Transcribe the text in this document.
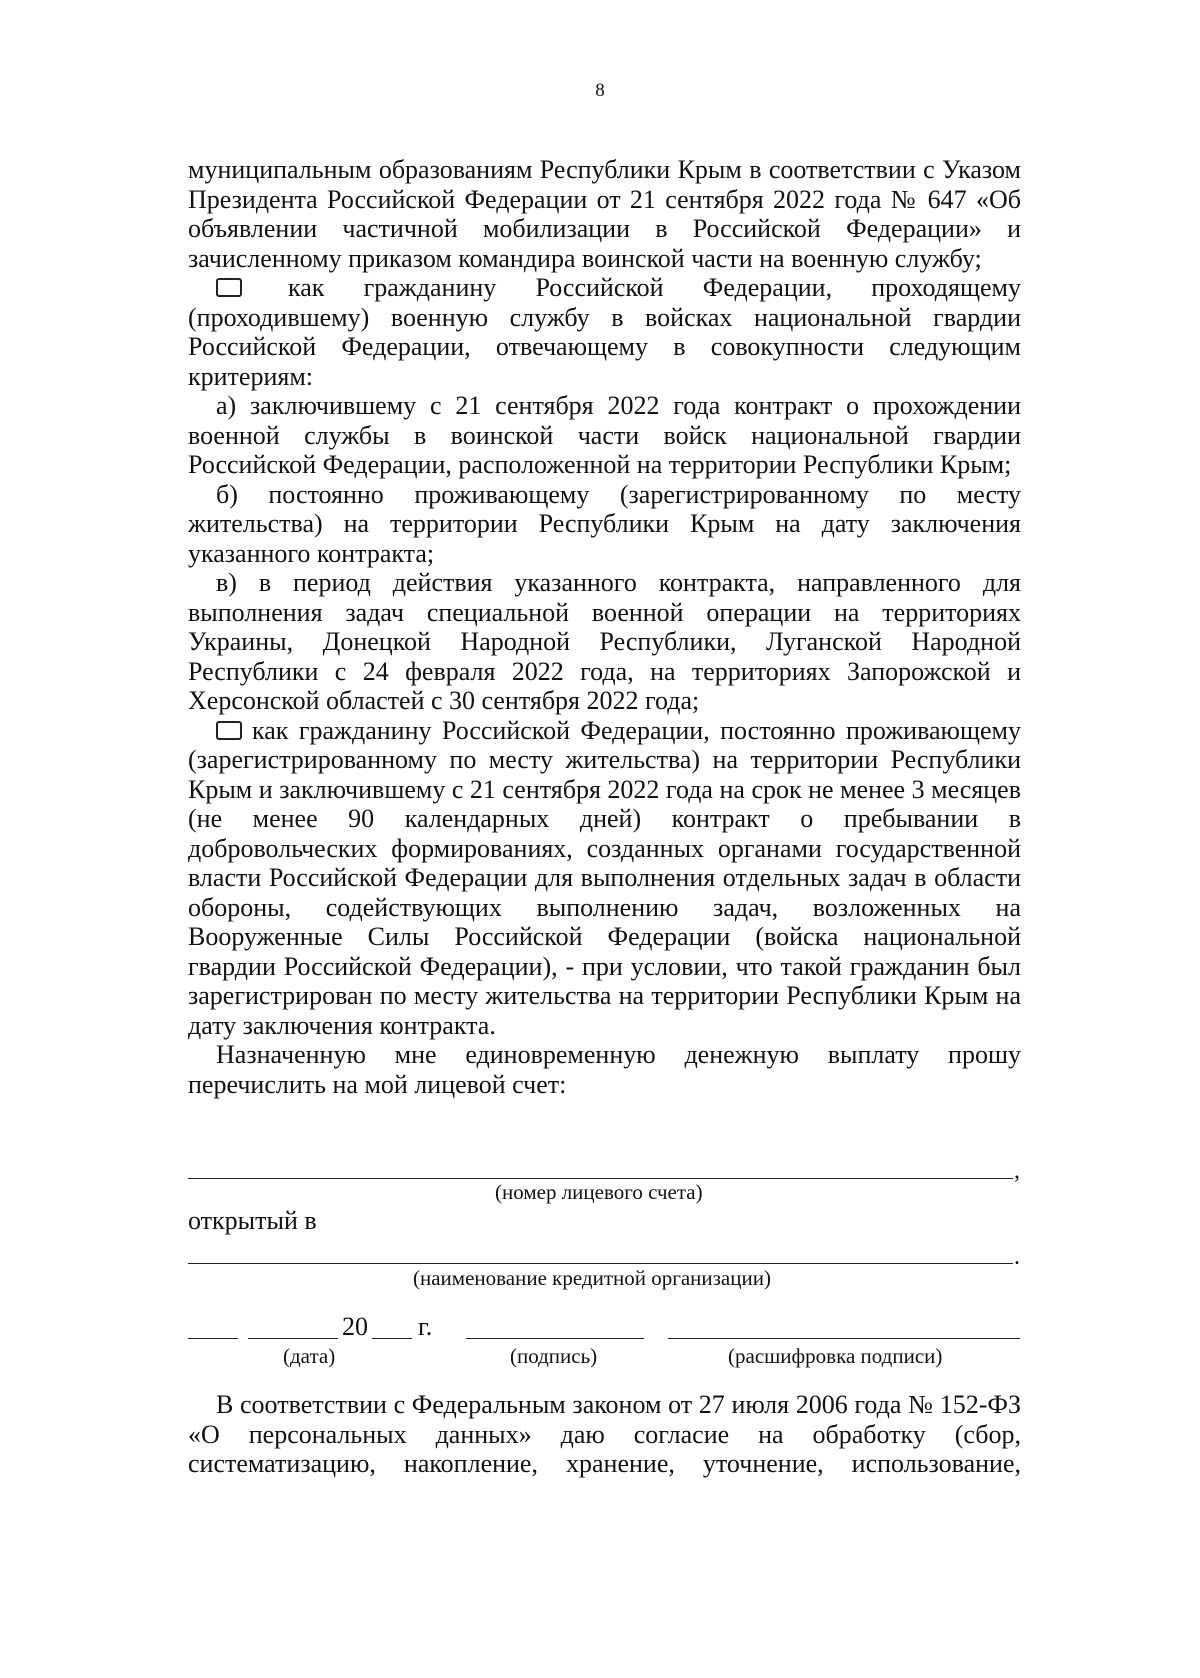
8

муниципальным образованиям Республики Крым в соответствии с Указом Президента Российской Федерации от 21 сентября 2022 года № 647 «Об объявлении частичной мобилизации в Российской Федерации» и зачисленному приказом командира воинской части на военную службу;

как гражданину Российской Федерации, проходящему (проходившему) военную службу в войсках национальной гвардии Российской Федерации, отвечающему в совокупности следующим критериям:

а) заключившему с 21 сентября 2022 года контракт о прохождении военной службы в воинской части войск национальной гвардии Российской Федерации, расположенной на территории Республики Крым;

б) постоянно проживающему (зарегистрированному по месту жительства) на территории Республики Крым на дату заключения указанного контракта;

в) в период действия указанного контракта, направленного для выполнения задач специальной военной операции на территориях Украины, Донецкой Народной Республики, Луганской Народной Республики с 24 февраля 2022 года, на территориях Запорожской и Херсонской областей с 30 сентября 2022 года;

как гражданину Российской Федерации, постоянно проживающему (зарегистрированному по месту жительства) на территории Республики Крым и заключившему с 21 сентября 2022 года на срок не менее 3 месяцев (не менее 90 календарных дней) контракт о пребывании в добровольческих формированиях, созданных органами государственной власти Российской Федерации для выполнения отдельных задач в области обороны, содействующих выполнению задач, возложенных на Вооруженные Силы Российской Федерации (войска национальной гвардии Российской Федерации), - при условии, что такой гражданин был зарегистрирован по месту жительства на территории Республики Крым на дату заключения контракта.

Назначенную мне единовременную денежную выплату прошу перечислить на мой лицевой счет:

,
(номер лицевого счета)
открытый в
.
(наименование кредитной организации)
20 г.
(дата)	(подпись)	(расшифровка подписи)

В соответствии с Федеральным законом от 27 июля 2006 года № 152-ФЗ «О персональных данных» даю согласие на обработку (сбор, систематизацию, накопление, хранение, уточнение, использование,
